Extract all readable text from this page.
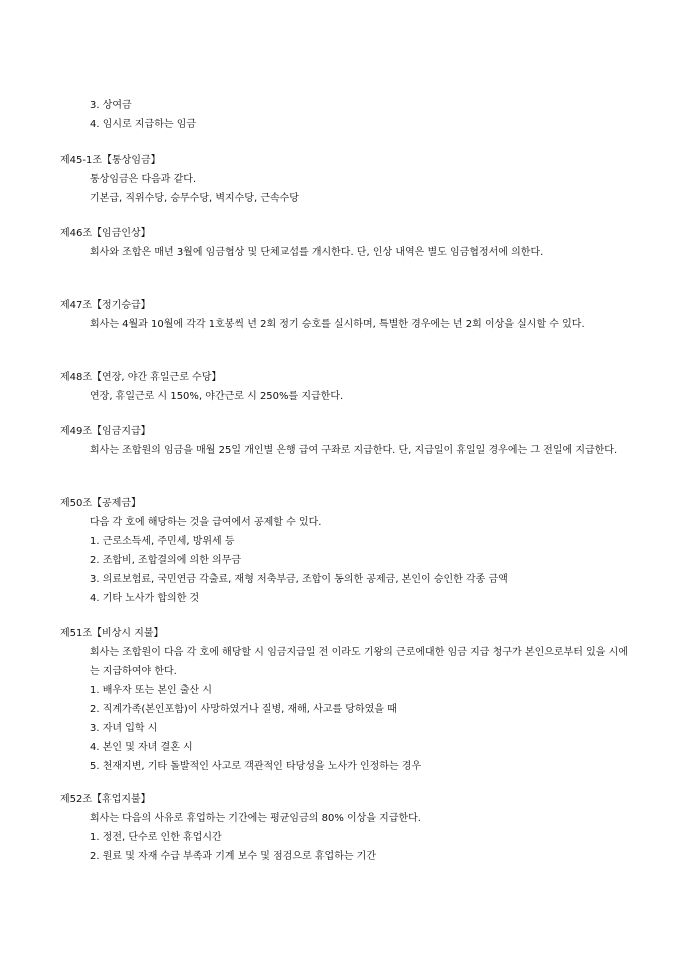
3. 상여금
4. 임시로 지급하는 임금
제45-1조【통상임금】
통상임금은 다음과 같다.
기본급, 직위수당, 승무수당, 벽지수당, 근속수당
제46조【임금인상】
회사와 조합은 매년 3월에 임금협상 및 단체교섭를 개시한다. 단, 인상 내역은 별도 임금협정서에 의한다.
제47조【정기승급】
회사는 4월과 10월에 각각 1호봉씩 년 2회 정기 승호를 실시하며, 특별한 경우에는 년 2회 이상을 실시할 수 있다.
제48조【연장, 야간 휴일근로 수당】
연장, 휴일근로 시 150%, 야간근로 시 250%를 지급한다.
제49조【임금지급】
회사는 조합원의 임금을 매월 25일 개인별 은행 급여 구좌로 지급한다. 단, 지급일이 휴일일 경우에는 그 전일에 지급한다.
제50조【공제금】
다음 각 호에 해당하는 것을 급여에서 공제할 수 있다.
1. 근로소득세, 주민세, 방위세 등
2. 조합비, 조합결의에 의한 의무금
3. 의료보험료, 국민연금 각출료, 재형 저축부금, 조합이 동의한 공제금, 본인이 승인한 각종 금액
4. 기타 노사가 합의한 것
제51조【비상시 지불】
회사는 조합원이 다음 각 호에 해당할 시 임금지급일 전 이라도 기왕의 근로에대한 임금 지급 청구가 본인으로부터 있을 시에는 지급하여야 한다.
1. 배우자 또는 본인 출산 시
2. 직계가족(본인포함)이 사망하였거나 질병, 재해, 사고를 당하였을 때
3. 자녀 입학 시
4. 본인 및 자녀 결혼 시
5. 천재지변, 기타 돌발적인 사고로 객관적인 타당성을 노사가 인정하는 경우
제52조【휴업지불】
회사는 다음의 사유로 휴업하는 기간에는 평균임금의 80% 이상을 지급한다.
1. 정전, 단수로 인한 휴업시간
2. 원료 및 자재 수급 부족과 기계 보수 및 점검으로 휴업하는 기간
